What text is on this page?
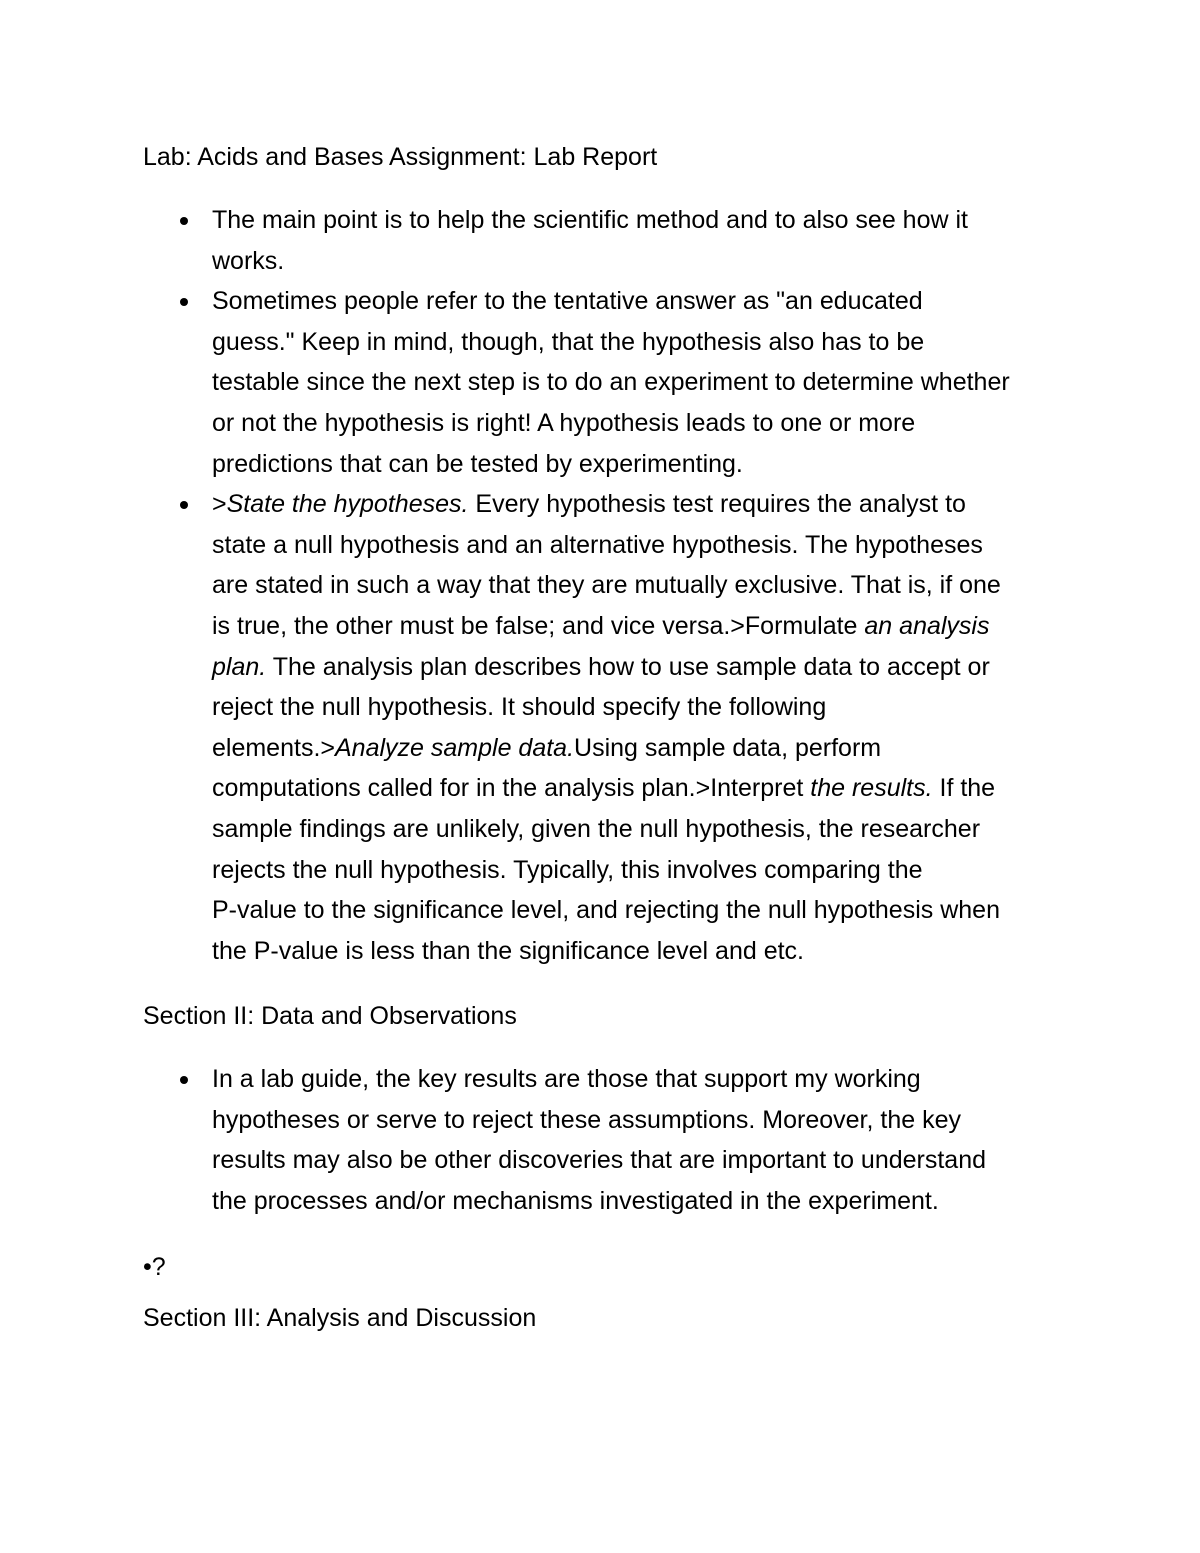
Lab: Acids and Bases Assignment: Lab Report

The main point is to help the scientific method and to also see how it
works.
Sometimes people refer to the tentative answer as "an educated
guess." Keep in mind, though, that the hypothesis also has to be
testable since the next step is to do an experiment to determine whether
or not the hypothesis is right! A hypothesis leads to one or more
predictions that can be tested by experimenting.
>State the hypotheses. Every hypothesis test requires the analyst to
state a null hypothesis and an alternative hypothesis. The hypotheses
are stated in such a way that they are mutually exclusive. That is, if one
is true, the other must be false; and vice versa.>Formulate an analysis
plan. The analysis plan describes how to use sample data to accept or
reject the null hypothesis. It should specify the following
elements.>Analyze sample data.Using sample data, perform
computations called for in the analysis plan.>Interpret the results. If the
sample findings are unlikely, given the null hypothesis, the researcher
rejects the null hypothesis. Typically, this involves comparing the
P-value to the significance level, and rejecting the null hypothesis when
the P-value is less than the significance level and etc.

Section II: Data and Observations

In a lab guide, the key results are those that support my working
hypotheses or serve to reject these assumptions. Moreover, the key
results may also be other discoveries that are important to understand
the processes and/or mechanisms investigated in the experiment.

•?

Section III: Analysis and Discussion
